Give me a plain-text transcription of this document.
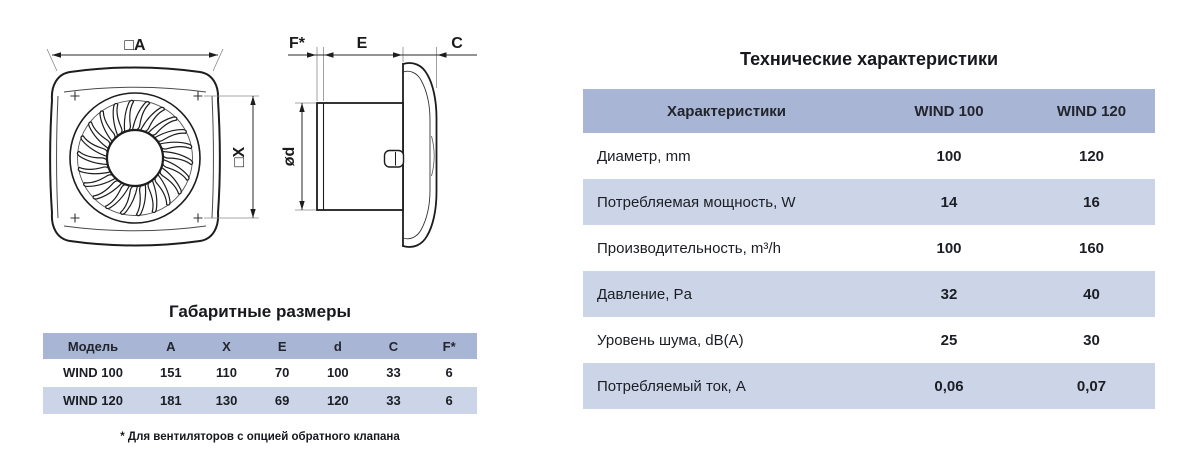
□A
□X
F*	E	C
ød
Габаритные размеры
Модель	A	X	E	d	C	F*
WIND 100	151	110	70	100	33	6
WIND 120	181	130	69	120	33	6
* Для вентиляторов с опцией обратного клапана
Технические характеристики
Характеристики	WIND 100	WIND 120
Диаметр, mm	100	120
Потребляемая мощность, W	14	16
Производительность, m³/h	100	160
Давление, Pa	32	40
Уровень шума, dB(A)	25	30
Потребляемый ток, A	0,06	0,07
